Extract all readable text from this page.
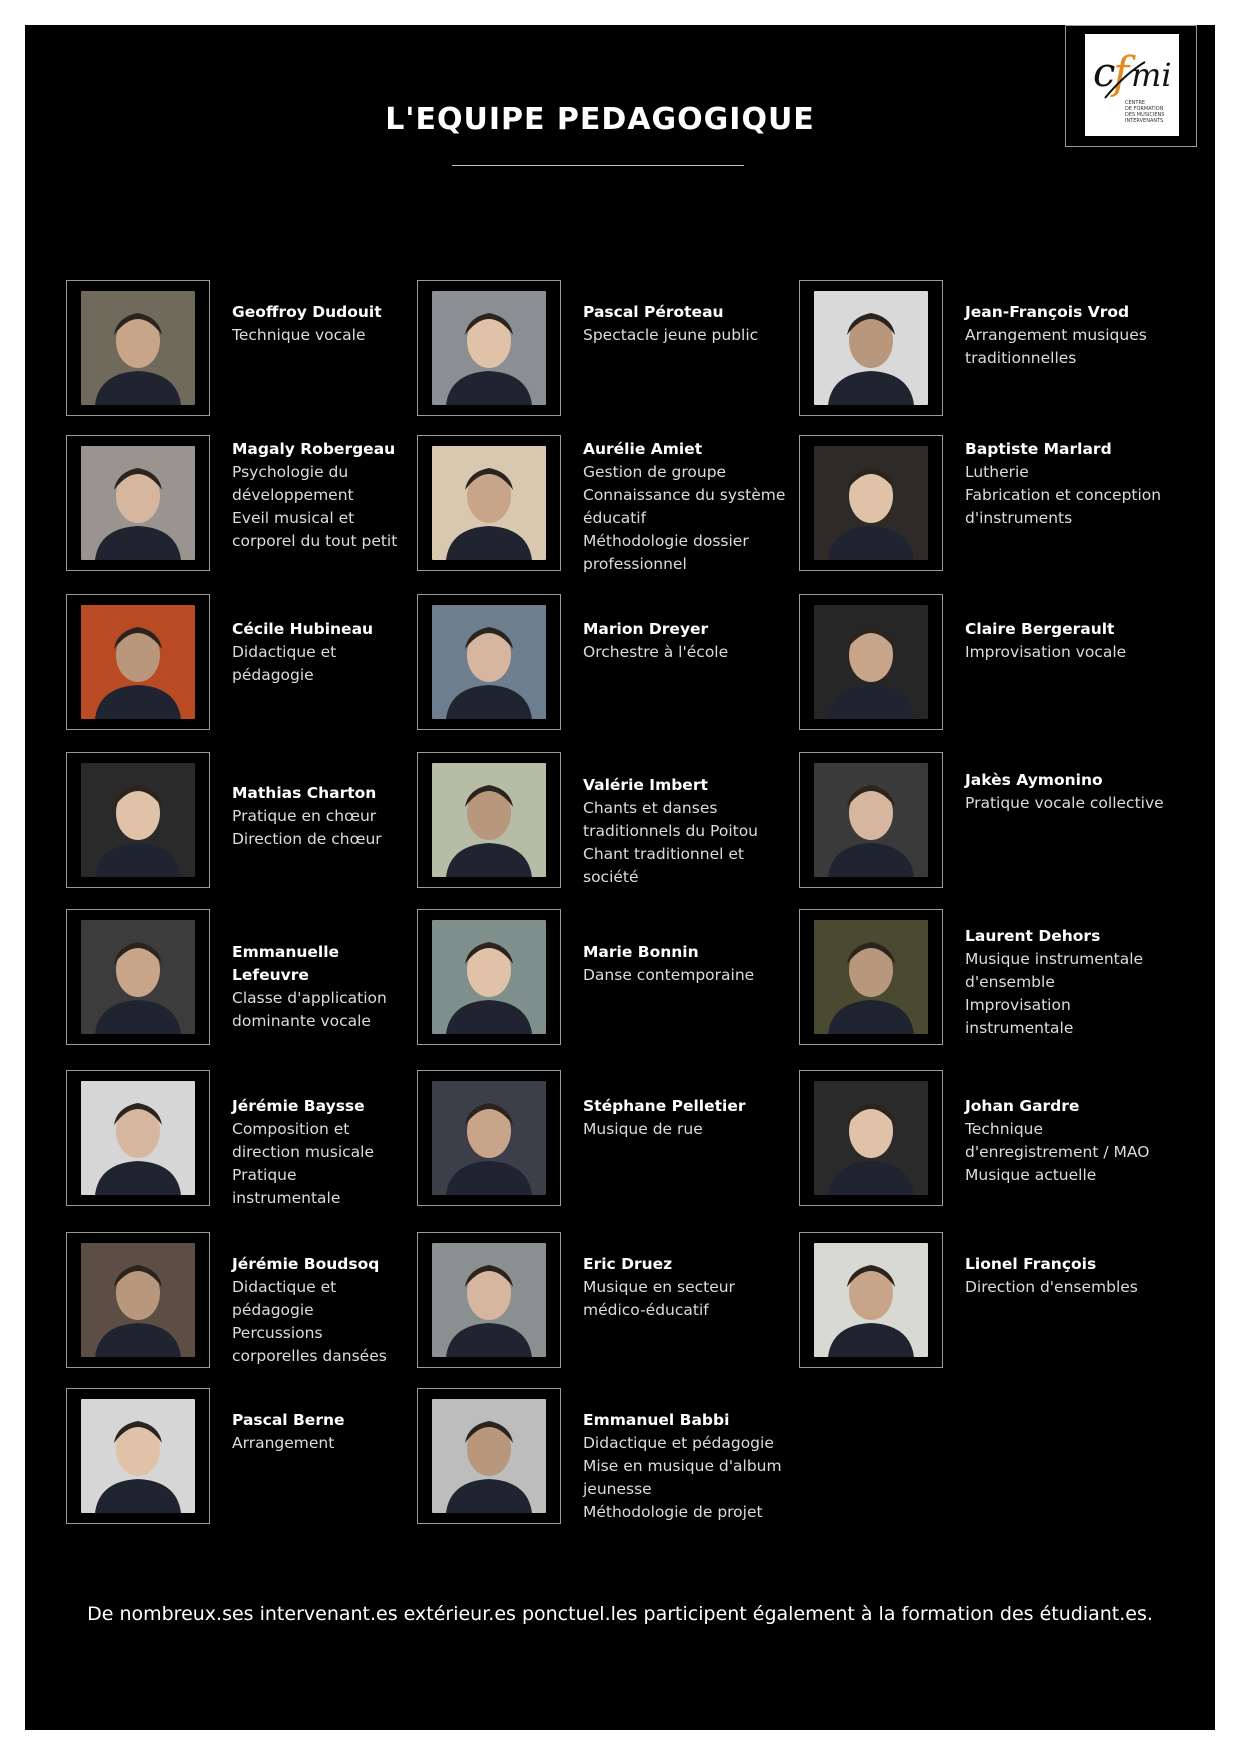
c
f mi
CENTRE
DE FORMATION
DES MUSICIENS
INTERVENANTS
L'EQUIPE PEDAGOGIQUE
Geoffroy Dudouit
Technique vocale
Pascal Péroteau
Spectacle jeune public
Jean-François Vrod
Arrangement musiques
traditionnelles
Magaly Robergeau
Psychologie du
développement
Eveil musical et
corporel du tout petit
Aurélie Amiet
Gestion de groupe
Connaissance du système
éducatif
Méthodologie dossier
professionnel
Baptiste Marlard
Lutherie
Fabrication et conception
d'instruments
Cécile Hubineau
Didactique et
pédagogie
Marion Dreyer
Orchestre à l'école
Claire Bergerault
Improvisation vocale
Mathias Charton
Pratique en chœur
Direction de chœur
Valérie Imbert
Chants et danses
traditionnels du Poitou
Chant traditionnel et
société
Jakès Aymonino
Pratique vocale collective
Emmanuelle
Lefeuvre
Classe d'application
dominante vocale
Marie Bonnin
Danse contemporaine
Laurent Dehors
Musique instrumentale
d'ensemble
Improvisation
instrumentale
Jérémie Baysse
Composition et
direction musicale
Pratique
instrumentale
Stéphane Pelletier
Musique de rue
Johan Gardre
Technique
d'enregistrement / MAO
Musique actuelle
Jérémie Boudsoq
Didactique et
pédagogie
Percussions
corporelles dansées
Eric Druez
Musique en secteur
médico-éducatif
Lionel François
Direction d'ensembles
Pascal Berne
Arrangement
Emmanuel Babbi
Didactique et pédagogie
Mise en musique d'album
jeunesse
Méthodologie de projet
De nombreux.ses intervenant.es extérieur.es ponctuel.les participent également à la formation des étudiant.es.
